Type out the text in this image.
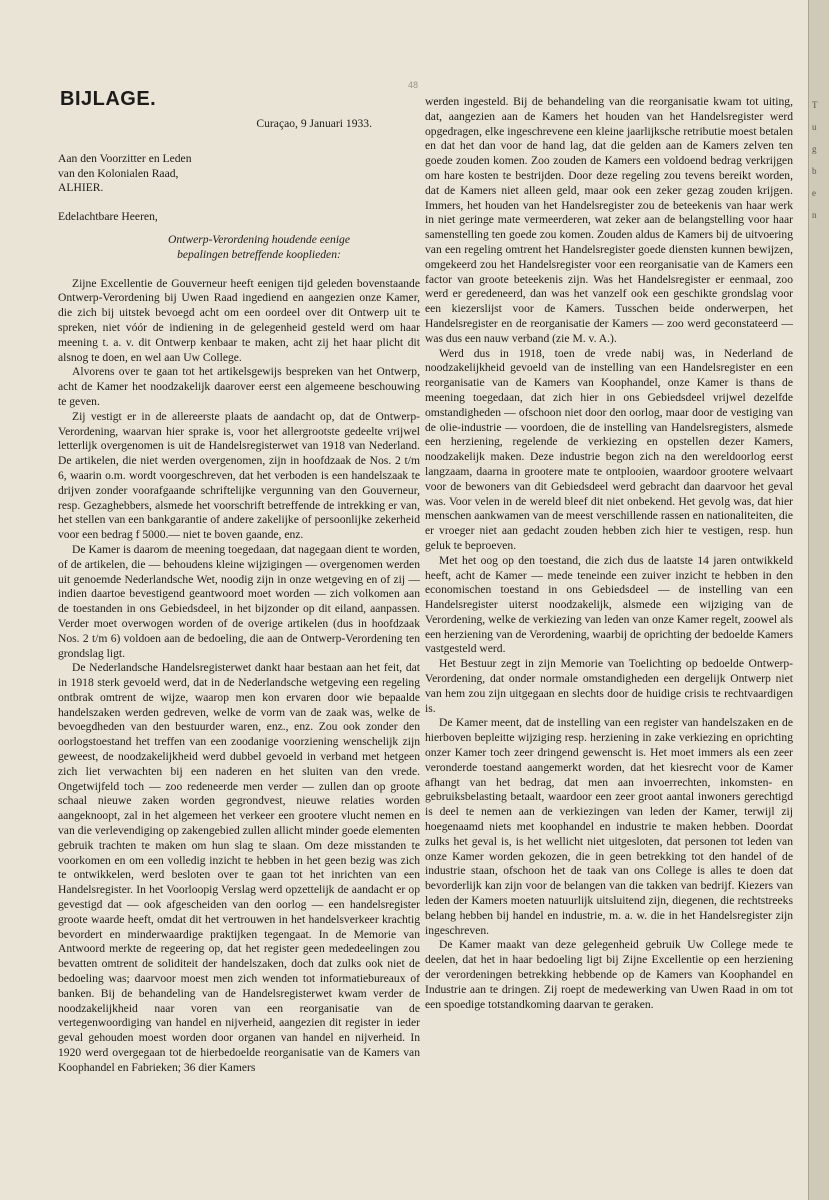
BIJLAGE.
48

Curaçao, 9 Januari 1933.

Aan den Voorzitter en Leden

van den Kolonialen Raad,

ALHIER.

Edelachtbare Heeren,

Ontwerp-Verordening houdende eenige
bepalingen betreffende kooplieden:

Zijne Excellentie de Gouverneur heeft eenigen tijd geleden bovenstaande Ontwerp-Verordening bij Uwen Raad ingediend en aangezien onze Kamer, die zich bij uitstek bevoegd acht om een oordeel over dit Ontwerp uit te spreken, niet vóór de indiening in de gelegenheid gesteld werd om haar meening t. a. v. dit Ontwerp kenbaar te maken, acht zij het haar plicht dit alsnog te doen, en wel aan Uw College.

Alvorens over te gaan tot het artikelsgewijs bespreken van het Ontwerp, acht de Kamer het noodzakelijk daarover eerst een algemeene beschouwing te geven.

Zij vestigt er in de allereerste plaats de aandacht op, dat de Ontwerp-Verordening, waarvan hier sprake is, voor het allergrootste gedeelte vrijwel letterlijk overgenomen is uit de Handelsregisterwet van 1918 van Nederland. De artikelen, die niet werden overgenomen, zijn in hoofdzaak de Nos. 2 t/m 6, waarin o.m. wordt voorgeschreven, dat het verboden is een handelszaak te drijven zonder voorafgaande schriftelijke vergunning van den Gouverneur, resp. Gezaghebbers, alsmede het voorschrift betreffende de intrekking er van, het stellen van een bankgarantie of andere zakelijke of persoonlijke zekerheid voor een bedrag f 5000.— niet te boven gaande, enz.

De Kamer is daarom de meening toegedaan, dat nagegaan dient te worden, of de artikelen, die — behoudens kleine wijzigingen — overgenomen werden uit genoemde Nederlandsche Wet, noodig zijn in onze wetgeving en of zij — indien daartoe bevestigend geantwoord moet worden — zich volkomen aan de toestanden in ons Gebiedsdeel, in het bijzonder op dit eiland, aanpassen. Verder moet overwogen worden of de overige artikelen (dus in hoofdzaak Nos. 2 t/m 6) voldoen aan de bedoeling, die aan de Ontwerp-Verordening ten grondslag ligt.

De Nederlandsche Handelsregisterwet dankt haar bestaan aan het feit, dat in 1918 sterk gevoeld werd, dat in de Nederlandsche wetgeving een regeling ontbrak omtrent de wijze, waarop men kon ervaren door wie bepaalde handelszaken werden gedreven, welke de vorm van de zaak was, welke de bevoegdheden van den bestuurder waren, enz., enz. Zou ook zonder den oorlogstoestand het treffen van een zoodanige voorziening wenschelijk zijn geweest, de noodzakelijkheid werd dubbel gevoeld in verband met hetgeen zich liet verwachten bij een naderen en het sluiten van den vrede. Ongetwijfeld toch — zoo redeneerde men verder — zullen dan op groote schaal nieuwe zaken worden gegrondvest, nieuwe relaties worden aangeknoopt, zal in het algemeen het verkeer een grootere vlucht nemen en van die verlevendiging op zakengebied zullen allicht minder goede elementen gebruik trachten te maken om hun slag te slaan. Om deze misstanden te voorkomen en om een volledig inzicht te hebben in het geen bezig was zich te ontwikkelen, werd besloten over te gaan tot het inrichten van een Handelsregister. In het Voorloopig Verslag werd opzettelijk de aandacht er op gevestigd dat — ook afgescheiden van den oorlog — een handelsregister groote waarde heeft, omdat dit het vertrouwen in het handelsverkeer krachtig bevordert en minderwaardige praktijken tegengaat. In de Memorie van Antwoord merkte de regeering op, dat het register geen mededeelingen zou bevatten omtrent de soliditeit der handelszaken, doch dat zulks ook niet de bedoeling was; daarvoor moest men zich wenden tot informatiebureaux of banken. Bij de behandeling van de Handelsregisterwet kwam verder de noodzakelijkheid naar voren van een reorganisatie van de vertegenwoordiging van handel en nijverheid, aangezien dit register in ieder geval gehouden moest worden door organen van handel en nijverheid. In 1920 werd overgegaan tot de hierbedoelde reorganisatie van de Kamers van Koophandel en Fabrieken; 36 dier Kamers

werden ingesteld. Bij de behandeling van die reorganisatie kwam tot uiting, dat, aangezien aan de Kamers het houden van het Handelsregister werd opgedragen, elke ingeschrevene een kleine jaarlijksche retributie moest betalen en dat het dan voor de hand lag, dat die gelden aan de Kamers zelven ten goede zouden komen. Zoo zouden de Kamers een voldoend bedrag verkrijgen om hare kosten te bestrijden. Door deze regeling zou tevens bereikt worden, dat de Kamers niet alleen geld, maar ook een zeker gezag zouden krijgen. Immers, het houden van het Handelsregister zou de beteekenis van haar werk in niet geringe mate vermeerderen, wat zeker aan de belangstelling voor haar samenstelling ten goede zou komen. Zouden aldus de Kamers bij de uitvoering van een regeling omtrent het Handelsregister goede diensten kunnen bewijzen, omgekeerd zou het Handelsregister voor een reorganisatie van de Kamers een factor van groote beteekenis zijn. Was het Handelsregister er eenmaal, zoo werd er geredeneerd, dan was het vanzelf ook een geschikte grondslag voor een kiezerslijst voor de Kamers. Tusschen beide onderwerpen, het Handelsregister en de reorganisatie der Kamers — zoo werd geconstateerd — was dus een nauw verband (zie M. v. A.).

Werd dus in 1918, toen de vrede nabij was, in Nederland de noodzakelijkheid gevoeld van de instelling van een Handelsregister en een reorganisatie van de Kamers van Koophandel, onze Kamer is thans de meening toegedaan, dat zich hier in ons Gebiedsdeel vrijwel dezelfde omstandigheden — ofschoon niet door den oorlog, maar door de vestiging van de olie-industrie — voordoen, die de instelling van Handelsregisters, alsmede een herziening, regelende de verkiezing en opstellen dezer Kamers, noodzakelijk maken. Deze industrie begon zich na den wereldoorlog eerst langzaam, daarna in grootere mate te ontplooien, waardoor grootere welvaart voor de bewoners van dit Gebiedsdeel werd gebracht dan daarvoor het geval was. Voor velen in de wereld bleef dit niet onbekend. Het gevolg was, dat hier menschen aankwamen van de meest verschillende rassen en nationaliteiten, die er vroeger niet aan gedacht zouden hebben zich hier te vestigen, resp. hun geluk te beproeven.

Met het oog op den toestand, die zich dus de laatste 14 jaren ontwikkeld heeft, acht de Kamer — mede teneinde een zuiver inzicht te hebben in den economischen toestand in ons Gebiedsdeel — de instelling van een Handelsregister uiterst noodzakelijk, alsmede een wijziging van de Verordening, welke de verkiezing van leden van onze Kamer regelt, zoowel als een herziening van de Verordening, waarbij de oprichting der bedoelde Kamers vastgesteld werd.

Het Bestuur zegt in zijn Memorie van Toelichting op bedoelde Ontwerp-Verordening, dat onder normale omstandigheden een dergelijk Ontwerp niet van hem zou zijn uitgegaan en slechts door de huidige crisis te rechtvaardigen is.

De Kamer meent, dat de instelling van een register van handelszaken en de hierboven bepleitte wijziging resp. herziening in zake verkiezing en oprichting onzer Kamer toch zeer dringend gewenscht is. Het moet immers als een zeer veronderde toestand aangemerkt worden, dat het kiesrecht voor de Kamer afhangt van het bedrag, dat men aan invoerrechten, inkomsten- en gebruiksbelasting betaalt, waardoor een zeer groot aantal inwoners gerechtigd is deel te nemen aan de verkiezingen van leden der Kamer, terwijl zij hoegenaamd niets met koophandel en industrie te maken hebben. Doordat zulks het geval is, is het wellicht niet uitgesloten, dat personen tot leden van onze Kamer worden gekozen, die in geen betrekking tot den handel of de industrie staan, ofschoon het de taak van ons College is alles te doen dat bevorderlijk kan zijn voor de belangen van die takken van bedrijf. Kiezers van leden der Kamers moeten natuurlijk uitsluitend zijn, diegenen, die rechtstreeks belang hebben bij handel en industrie, m. a. w. die in het Handelsregister zijn ingeschreven.

De Kamer maakt van deze gelegenheid gebruik Uw College mede te deelen, dat het in haar bedoeling ligt bij Zijne Excellentie op een herziening der verordeningen betrekking hebbende op de Kamers van Koophandel en Industrie aan te dringen. Zij roept de medewerking van Uwen Raad in om tot een spoedige totstandkoming daarvan te geraken.

T
u
g
b
e
n
